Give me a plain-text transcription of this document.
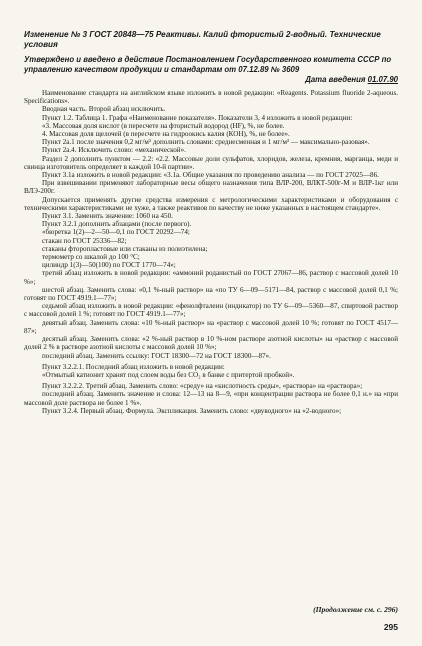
Изменение № 3 ГОСТ 20848—75 Реактивы. Калий фтористый 2-водный. Технические условия

Утверждено и введено в действие Постановлением Государственного комитета СССР по управлению качеством продукции и стандартам от 07.12.89 № 3609

Дата введения 01.07.90

Наименование стандарта на английском языке изложить в новой редакции: «Reagents. Potassium fluoride 2-aqueous. Specifications».

Вводная часть. Второй абзац исключить.

Пункт 1.2. Таблица 1. Графа «Наименование показателя». Показатели 3, 4 изложить в новой редакции:

«3. Массовая доля кислот (в пересчете на фтористый водород (HF), %, не более.

4. Массовая доля щелочей (в пересчете на гидроокись калия (КОН), %, не более».

Пункт 2а.1 после значения 0,2 мг/м³ дополнить словами: среднесменная и 1 мг/м³ — максимально-разовая».

Пункт 2а.4. Исключить слово: «механической».

Раздел 2 дополнить пунктом — 2.2: «2.2. Массовые доли сульфатов, хлоридов, железа, кремния, марганца, меди и свинца изготовитель определяет в каждой 10-й партии».

Пункт 3.1а изложить в новой редакции: «3.1а. Общие указания по проведению анализа — по ГОСТ 27025—86.

При взвешивании применяют лабораторные весы общего назначения типа ВЛР-200, ВЛКТ-500г-М и ВЛР-1кг или ВЛЭ-200г.

Допускается применять другие средства измерения с метрологическими характеристиками и оборудования с техническими характеристиками не хуже, а также реактивов по качеству не ниже указанных в настоящем стандарте».

Пункт 3.1. Заменить значение: 1060 на 450.

Пункт 3.2.1 дополнить абзацами (после первого).

«бюретка 1(2)—2—50—0,1 по ГОСТ 20292—74;

стакан по ГОСТ 25336—82;

стаканы фторопластовые или стаканы из полиэтилена;

термометр со шкалой до 100 °С;

цилиндр 1(3)—50(100) по ГОСТ 1770—74»;

третий абзац изложить в новой редакции: «аммоний роданистый по ГОСТ 27067—86, раствор с массовой долей 10 %»;

шестой абзац. Заменить слова: «0,1 %-ный раствор» на «по ТУ 6—09—5171—84, раствор с массовой долей 0,1 %; готовят по ГОСТ 4919.1—77»;

седьмой абзац изложить в новой редакции: «фенолфталеин (индикатор) по ТУ 6—09—5360—87, спиртовой раствор с массовой долей 1 %; готовят по ГОСТ 4919.1—77»;

девятый абзац. Заменить слова: «10 %-ный раствор» на «раствор с массовой долей 10 %; готовят по ГОСТ 4517—87»;

десятый абзац. Заменить слова: «2 %-ный раствор в 10 %-ном растворе азотной кислоты» на «раствор с массовой долей 2 % в растворе азотной кислоты с массовой долей 10 %»;

последний абзац. Заменить ссылку: ГОСТ 18300—72 на ГОСТ 18300—87».

Пункт 3.2.2.1. Последний абзац изложить в новой редакции:

«Отмытый катионит хранят под слоем воды без CO₂ в банке с притертой пробкой».

Пункт 3.2.2.2. Третий абзац. Заменить слово: «среду» на «кислотность среды», «раствора» на «раствора»;

последний абзац. Заменить значение и слова: 12—13 на 8—9, «при концентрации раствора не более 0,1 н.» на «при массовой доле раствора не более 1 %».

Пункт 3.2.4. Первый абзац. Формула. Экспликация. Заменить слово: «двуводного» на «2-водного»;

(Продолжение см. с. 296)
295
